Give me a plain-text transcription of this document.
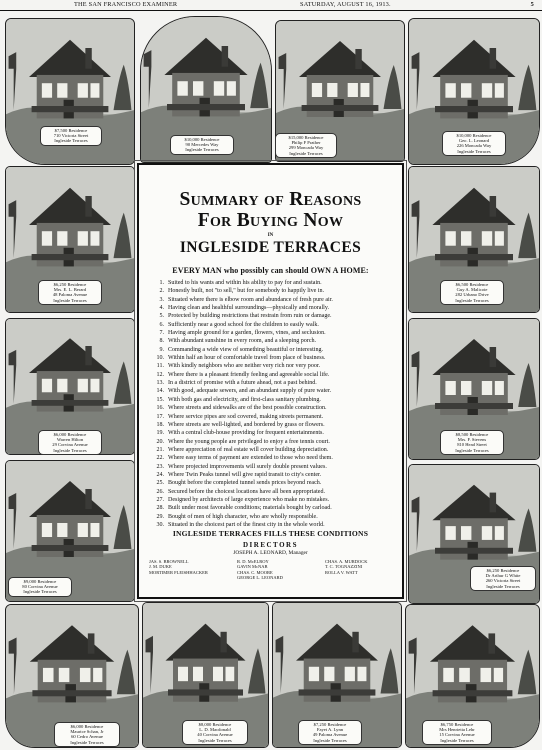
THE SAN FRANCISCO EXAMINER	SATURDAY, AUGUST 16, 1913.	5
$7,500 Residence
710 Victoria Street
Ingleside Terraces	$10,000 Residence
90 Mercedes Way
Ingleside Terraces
$15,000 Residence
Philip F Prather
299 Moncada Way
Ingleside Terraces
$10,000 Residence
Geo. L. Leonard
226 Moncada Way
Ingleside Terraces
$6,250 Residence
Mrs. E. L. Berard
48 Paloma Avenue
Ingleside Terraces
$6,500 Residence
Guy A. Malicote
282 Urbano Drive
Ingleside Terraces
$6,000 Residence
Warren Hilton
29 Corvina Avenue
Ingleside Terraces
$8,500 Residence
Mrs. F. Stevens
810 Head Street
Ingleside Terraces
$9,000 Residence
80 Corvina Avenue
Ingleside Terraces
$6,250 Residence
Dr Arthur G White
260 Victoria Street
Ingleside Terraces
$6,000 Residence
Maurice Schan, Jr
60 Cedro Avenue
Ingleside Terraces
$8,000 Residence
L. D. Macdonald
40 Corvina Avenue
Ingleside Terraces
$7,250 Residence
Fayet A. Lynn
49 Paloma Avenue
Ingleside Terraces
$6,750 Residence
Mrs Henrietta Lehr
15 Corvina Avenue
Ingleside Terraces
Summary of Reasons
For Buying Now
IN
INGLESIDE TERRACES
EVERY MAN who possibly can should OWN A HOME:
1. Suited to his wants and within his ability to pay for and sustain.
2. Honestly built, not "to sell," but for somebody to happily live in.
3. Situated where there is elbow room and abundance of fresh pure air.
4. Having clean and healthful surroundings—physically and morally.
5. Protected by building restrictions that restrain from ruin or damage.
6. Sufficiently near a good school for the children to easily walk.
7. Having ample ground for a garden, flowers, vines, and seclusion.
8. With abundant sunshine in every room, and a sleeping porch.
9. Commanding a wide view of something beautiful or interesting.
10. Within half an hour of comfortable travel from place of business.
11. With kindly neighbors who are neither very rich nor very poor.
12. Where there is a pleasant friendly feeling and agreeable social life.
13. In a district of promise with a future ahead, not a past behind.
14. With good, adequate sewers, and an abundant supply of pure water.
15. With both gas and electricity, and first-class sanitary plumbing.
16. Where streets and sidewalks are of the best possible construction.
17. Where service pipes are sod covered, making streets permanent.
18. Where streets are well-lighted, and bordered by grass or flowers.
19. With a central club-house providing for frequent entertainments.
20. Where the young people are privileged to enjoy a free tennis court.
21. Where appreciation of real estate will cover building depreciation.
22. Where easy terms of payment are extended to those who need them.
23. Where projected improvements will surely double present values.
24. Where Twin Peaks tunnel will give rapid transit to city's center.
25. Bought before the completed tunnel sends prices beyond reach.
26. Secured before the choicest locations have all been appropriated.
27. Designed by architects of large experience who make no mistakes.
28. Built under most favorable conditions; materials bought by carload.
29. Bought of men of high character, who are wholly responsible.
30. Situated in the choicest part of the finest city in the whole world.
INGLESIDE TERRACES FILLS THESE CONDITIONS
DIRECTORS
JOSEPH A. LEONARD, Manager
JAS. S. BROWNELL
J. M. DUKE
MORTIMER FLEISHHACKER
R. D. McELROY
GAVIN McNAB
CHAS. C. MOORE
GEORGE L. LEONARD
CHAS. A. MURDOCK
T. C. TOGNAZZINI
ROLLA V. WATT
